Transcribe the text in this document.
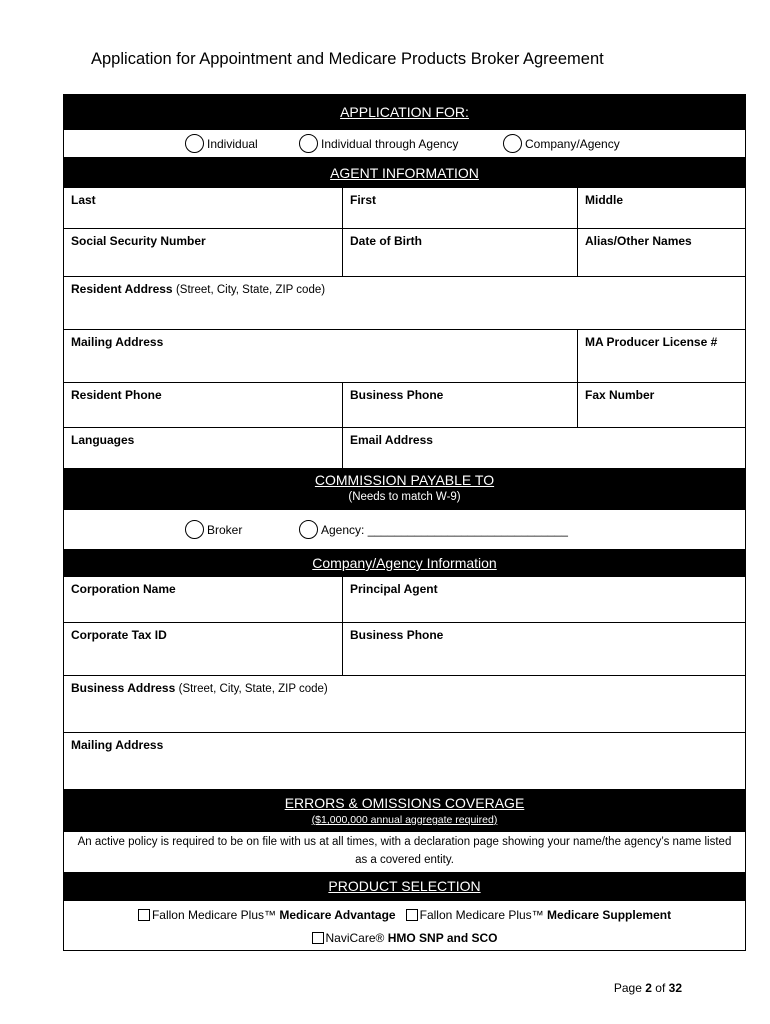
Application for Appointment and Medicare Products Broker Agreement
APPLICATION FOR:
Individual	Individual through Agency	Company/Agency
AGENT INFORMATION
Last	First	Middle
Social Security Number	Date of Birth	Alias/Other Names
Resident Address (Street, City, State, ZIP code)
Mailing Address	MA Producer License #
Resident Phone	Business Phone	Fax Number
Languages	Email Address
COMMISSION PAYABLE TO
(Needs to match W-9)
Broker	Agency: ______________________________
Company/Agency Information
Corporation Name	Principal Agent
Corporate Tax ID	Business Phone
Business Address (Street, City, State, ZIP code)
Mailing Address
ERRORS & OMISSIONS COVERAGE
($1,000,000 annual aggregate required)
An active policy is required to be on file with us at all times, with a declaration page showing your name/the agency’s name listed as a covered entity.
PRODUCT SELECTION
Fallon Medicare Plus™
Medicare Advantage
Fallon Medicare Plus™
Medicare Supplement
NaviCare®
HMO SNP and SCO
Page 2 of 32
